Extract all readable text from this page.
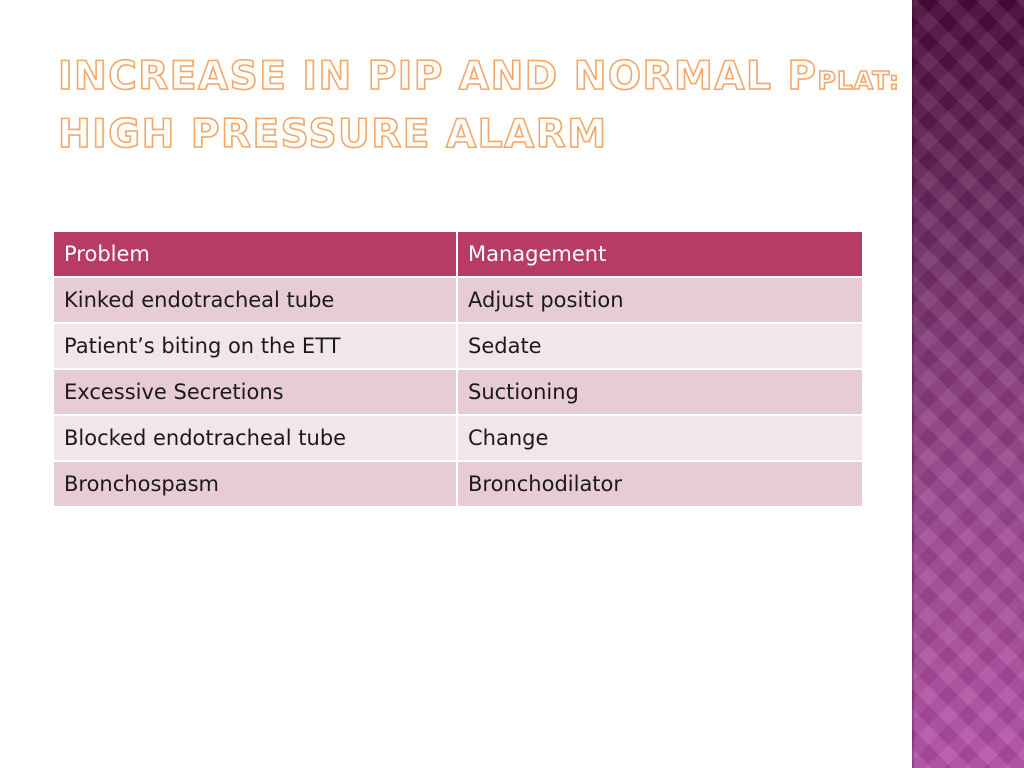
INCREASE IN PIP AND NORMAL PPLAT:
HIGH PRESSURE ALARM
Problem	Management
Kinked endotracheal tube	Adjust position
Patient’s biting on the ETT	Sedate
Excessive Secretions	Suctioning
Blocked endotracheal tube	Change
Bronchospasm	Bronchodilator
